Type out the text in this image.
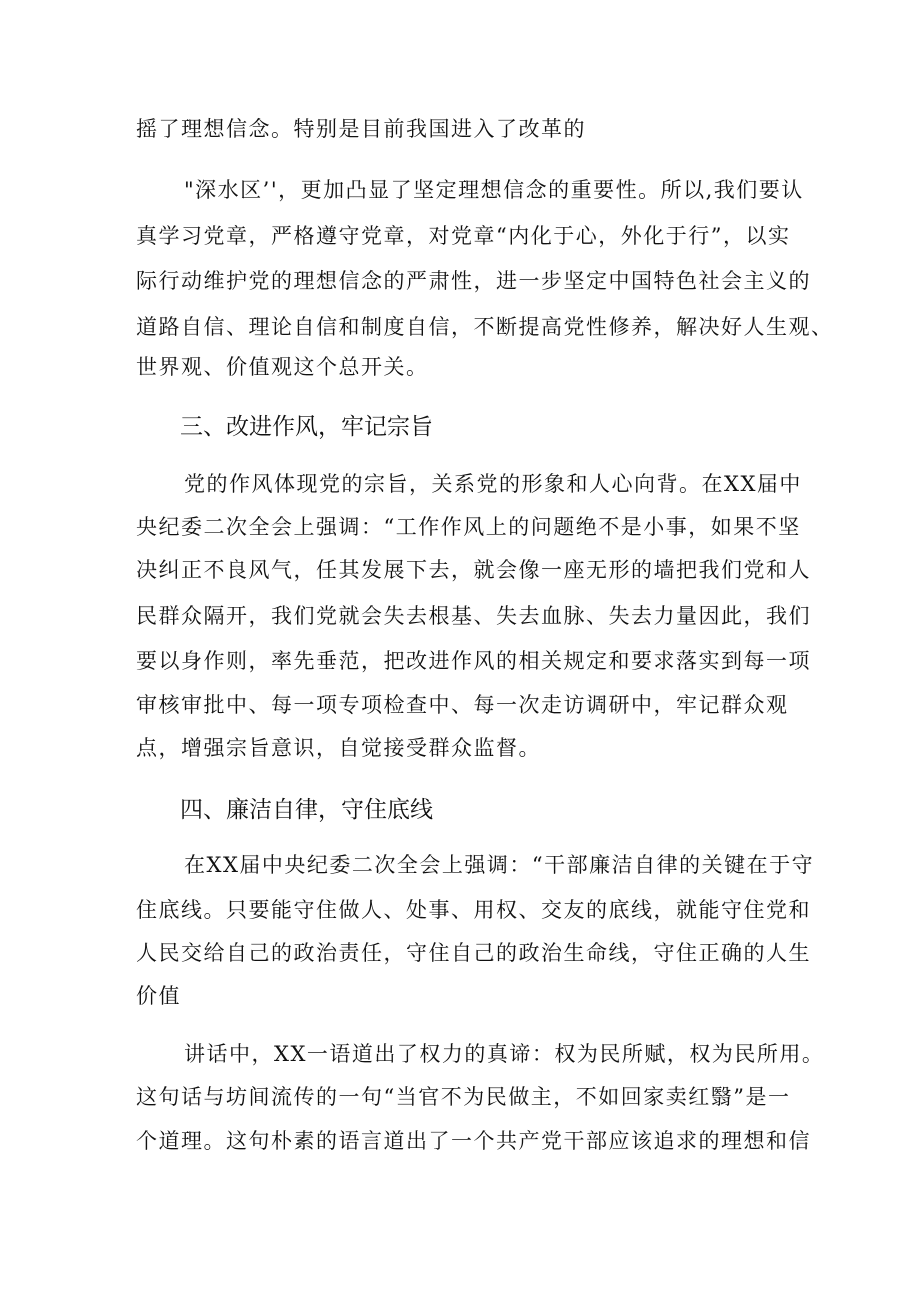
摇了理想信念。特别是目前我国进入了改革的
"深水区’'，更加凸显了坚定理想信念的重要性。所以,我们要认
真学习党章，严格遵守党章，对党章“内化于心，外化于行”，以实
际行动维护党的理想信念的严肃性，进一步坚定中国特色社会主义的
道路自信、理论自信和制度自信，不断提高党性修养，解决好人生观、
世界观、价值观这个总开关。
三、改进作风，牢记宗旨
党的作风体现党的宗旨，关系党的形象和人心向背。在XX届中
央纪委二次全会上强调：“工作作风上的问题绝不是小事，如果不坚
决纠正不良风气，任其发展下去，就会像一座无形的墙把我们党和人
民群众隔开，我们党就会失去根基、失去血脉、失去力量因此，我们
要以身作则，率先垂范，把改进作风的相关规定和要求落实到每一项
审核审批中、每一项专项检查中、每一次走访调研中，牢记群众观
点，增强宗旨意识，自觉接受群众监督。
四、廉洁自律，守住底线
在XX届中央纪委二次全会上强调：“干部廉洁自律的关键在于守
住底线。只要能守住做人、处事、用权、交友的底线，就能守住党和
人民交给自己的政治责任，守住自己的政治生命线，守住正确的人生
价值
讲话中，XX一语道出了权力的真谛：权为民所赋，权为民所用。
这句话与坊间流传的一句“当官不为民做主，不如回家卖红翳”是一
个道理。这句朴素的语言道出了一个共产党干部应该追求的理想和信
